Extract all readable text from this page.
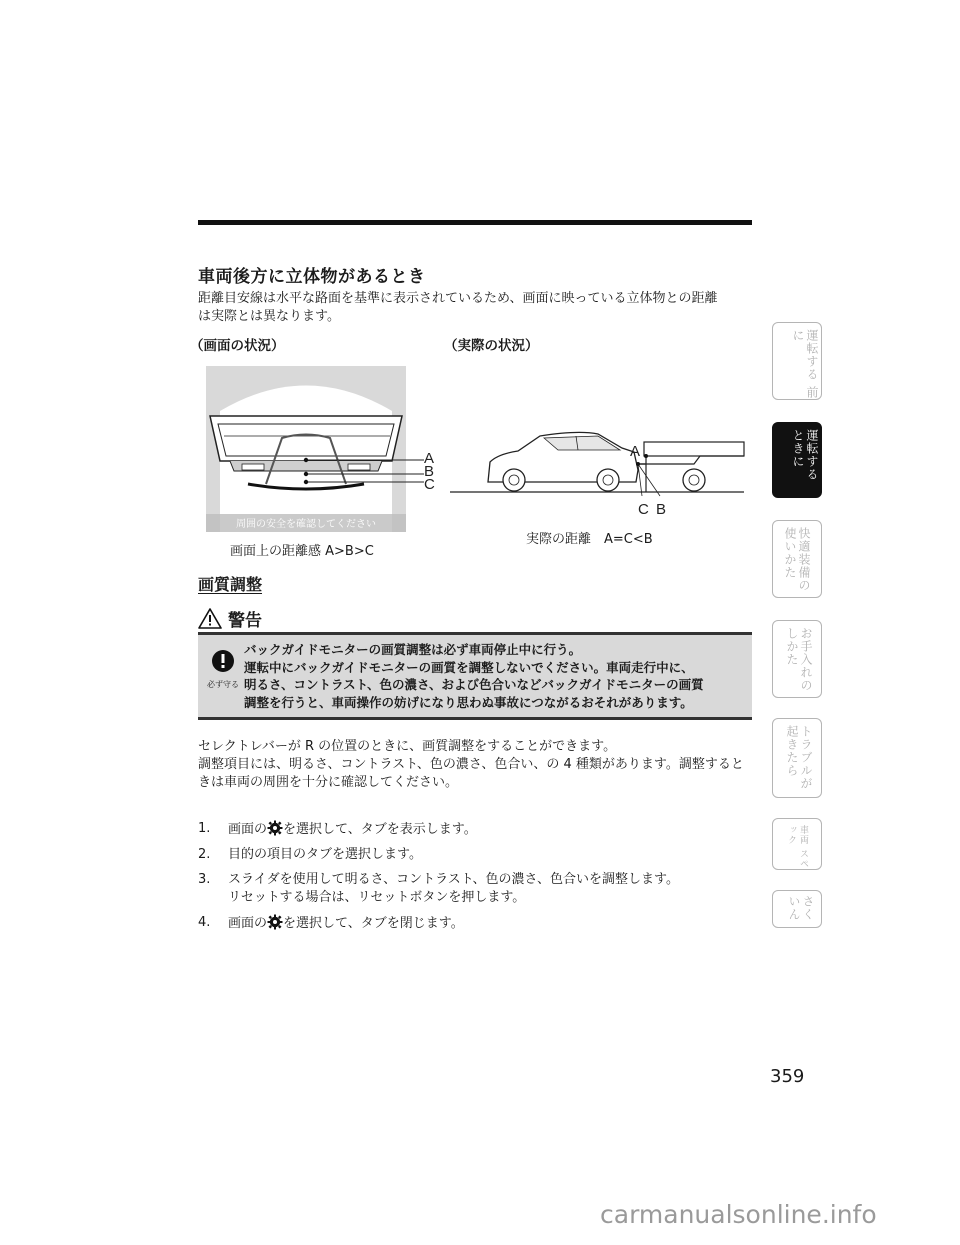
車両後方に立体物があるとき
距離目安線は水平な路面を基準に表示されているため、画面に映っている立体物との距離
は実際とは異なります。
（画面の状況）	（実際の状況）
A
B
C
周囲の安全を確認してください
画面上の距離感 A>B>C
A
C B
実際の距離　A=C<B
画質調整
警告
必ず守る
バックガイドモニターの画質調整は必ず車両停止中に行う。
運転中にバックガイドモニターの画質を調整しないでください。車両走行中に、
明るさ、コントラスト、色の濃さ、および色合いなどバックガイドモニターの画質
調整を行うと、車両操作の妨げになり思わぬ事故につながるおそれがあります。
セレクトレバーが R の位置のときに、画質調整をすることができます。
調整項目には、明るさ、コントラスト、色の濃さ、色合い、の 4 種類があります。調整すると
きは車両の周囲を十分に確認してください。
1.	画面の を選択して、タブを表示します。
2.	目的の項目のタブを選択します。
3.	スライダを使用して明るさ、コントラスト、色の濃さ、色合いを調整します。
リセットする場合は、リセットボタンを押します。
4.	画面の を選択して、タブを閉じます。
運転する 前に
運転する ときに
快適装備の 使いかた
お手入れの しかた
トラブルが 起きたら
車両 スペック
さく いん
359
carmanualsonline.info
